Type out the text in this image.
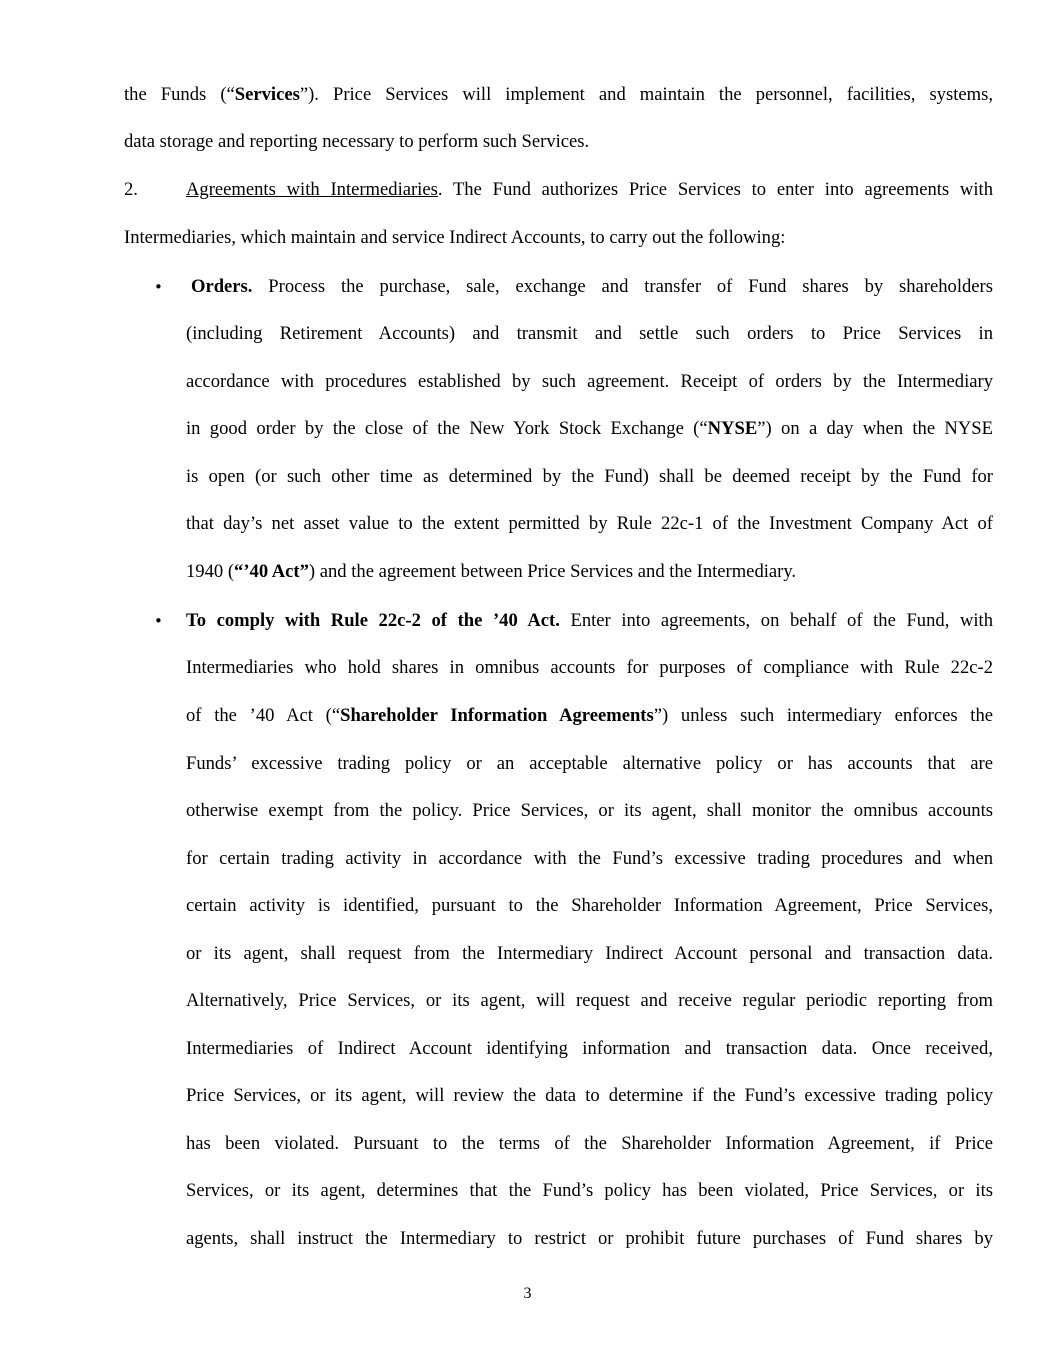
the Funds (“Services”). Price Services will implement and maintain the personnel, facilities, systems,
data storage and reporting necessary to perform such Services.
2.	Agreements with Intermediaries. The Fund authorizes Price Services to enter into agreements with
Intermediaries, which maintain and service Indirect Accounts, to carry out the following:
• Orders. Process the purchase, sale, exchange and transfer of Fund shares by shareholders
(including Retirement Accounts) and transmit and settle such orders to Price Services in
accordance with procedures established by such agreement. Receipt of orders by the Intermediary
in good order by the close of the New York Stock Exchange (“NYSE”) on a day when the NYSE
is open (or such other time as determined by the Fund) shall be deemed receipt by the Fund for
that day’s net asset value to the extent permitted by Rule 22c-1 of the Investment Company Act of
1940 (“’40 Act”) and the agreement between Price Services and the Intermediary.
• To comply with Rule 22c-2 of the ’40 Act. Enter into agreements, on behalf of the Fund, with
Intermediaries who hold shares in omnibus accounts for purposes of compliance with Rule 22c-2
of the ’40 Act (“Shareholder Information Agreements”) unless such intermediary enforces the
Funds’ excessive trading policy or an acceptable alternative policy or has accounts that are
otherwise exempt from the policy. Price Services, or its agent, shall monitor the omnibus accounts
for certain trading activity in accordance with the Fund’s excessive trading procedures and when
certain activity is identified, pursuant to the Shareholder Information Agreement, Price Services,
or its agent, shall request from the Intermediary Indirect Account personal and transaction data.
Alternatively, Price Services, or its agent, will request and receive regular periodic reporting from
Intermediaries of Indirect Account identifying information and transaction data. Once received,
Price Services, or its agent, will review the data to determine if the Fund’s excessive trading policy
has been violated. Pursuant to the terms of the Shareholder Information Agreement, if Price
Services, or its agent, determines that the Fund’s policy has been violated, Price Services, or its
agents, shall instruct the Intermediary to restrict or prohibit future purchases of Fund shares by
3
